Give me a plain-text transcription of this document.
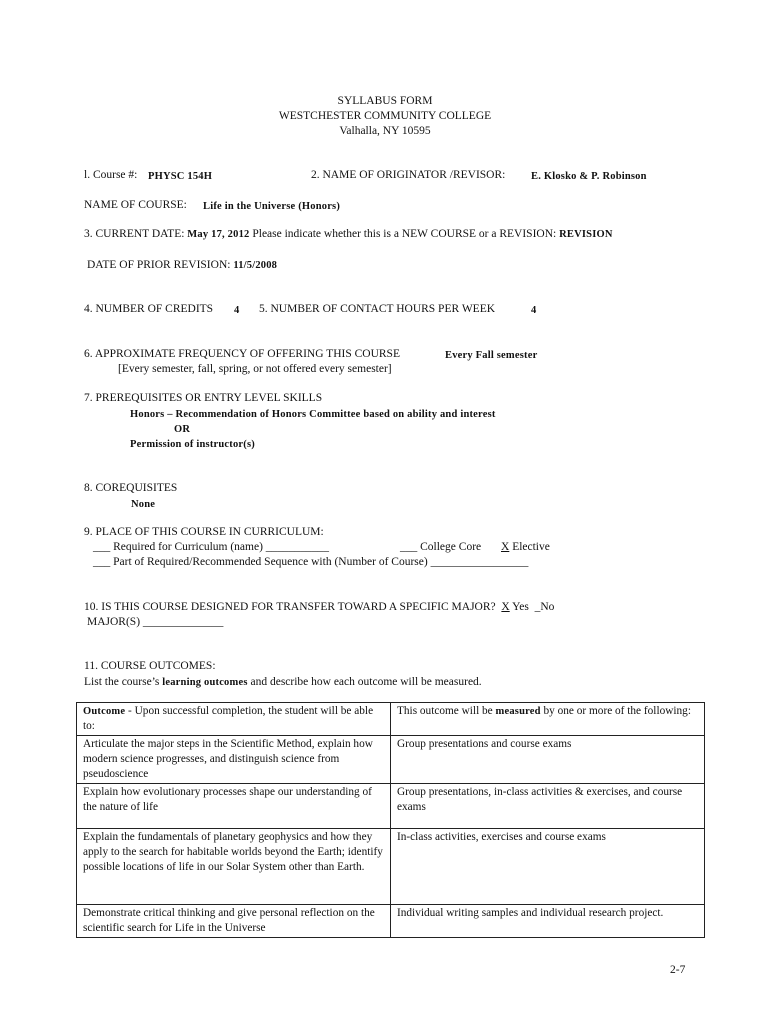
SYLLABUS FORM
WESTCHESTER COMMUNITY COLLEGE
Valhalla, NY 10595
l. Course #: PHYSC 154H	2. NAME OF ORIGINATOR /REVISOR: E. Klosko & P. Robinson
NAME OF COURSE: Life in the Universe (Honors)
3. CURRENT DATE: May 17, 2012 Please indicate whether this is a NEW COURSE or a REVISION: REVISION
DATE OF PRIOR REVISION: 11/5/2008
4. NUMBER OF CREDITS 4 5. NUMBER OF CONTACT HOURS PER WEEK	4
6. APPROXIMATE FREQUENCY OF OFFERING THIS COURSE	Every Fall semester
[Every semester, fall, spring, or not offered every semester]
7. PREREQUISITES OR ENTRY LEVEL SKILLS
Honors – Recommendation of Honors Committee based on ability and interest
OR
Permission of instructor(s)
8. COREQUISITES
None
9. PLACE OF THIS COURSE IN CURRICULUM:
___ Required for Curriculum (name) ___________	___ College Core X Elective
___ Part of Required/Recommended Sequence with (Number of Course) _________________
10. IS THIS COURSE DESIGNED FOR TRANSFER TOWARD A SPECIFIC MAJOR? X Yes _No
MAJOR(S) ______________
11. COURSE OUTCOMES:
List the course’s learning outcomes and describe how each outcome will be measured.
Outcome - Upon successful completion, the student will be able to:	This outcome will be measured by one or more of the following:
Articulate the major steps in the Scientific Method, explain how modern science progresses, and distinguish science from pseudoscience	Group presentations and course exams
Explain how evolutionary processes shape our understanding of the nature of life	Group presentations, in-class activities & exercises, and course exams
Explain the fundamentals of planetary geophysics and how they apply to the search for habitable worlds beyond the Earth; identify possible locations of life in our Solar System other than Earth.	In-class activities, exercises and course exams
Demonstrate critical thinking and give personal reflection on the scientific search for Life in the Universe	Individual writing samples and individual research project.
2-7
